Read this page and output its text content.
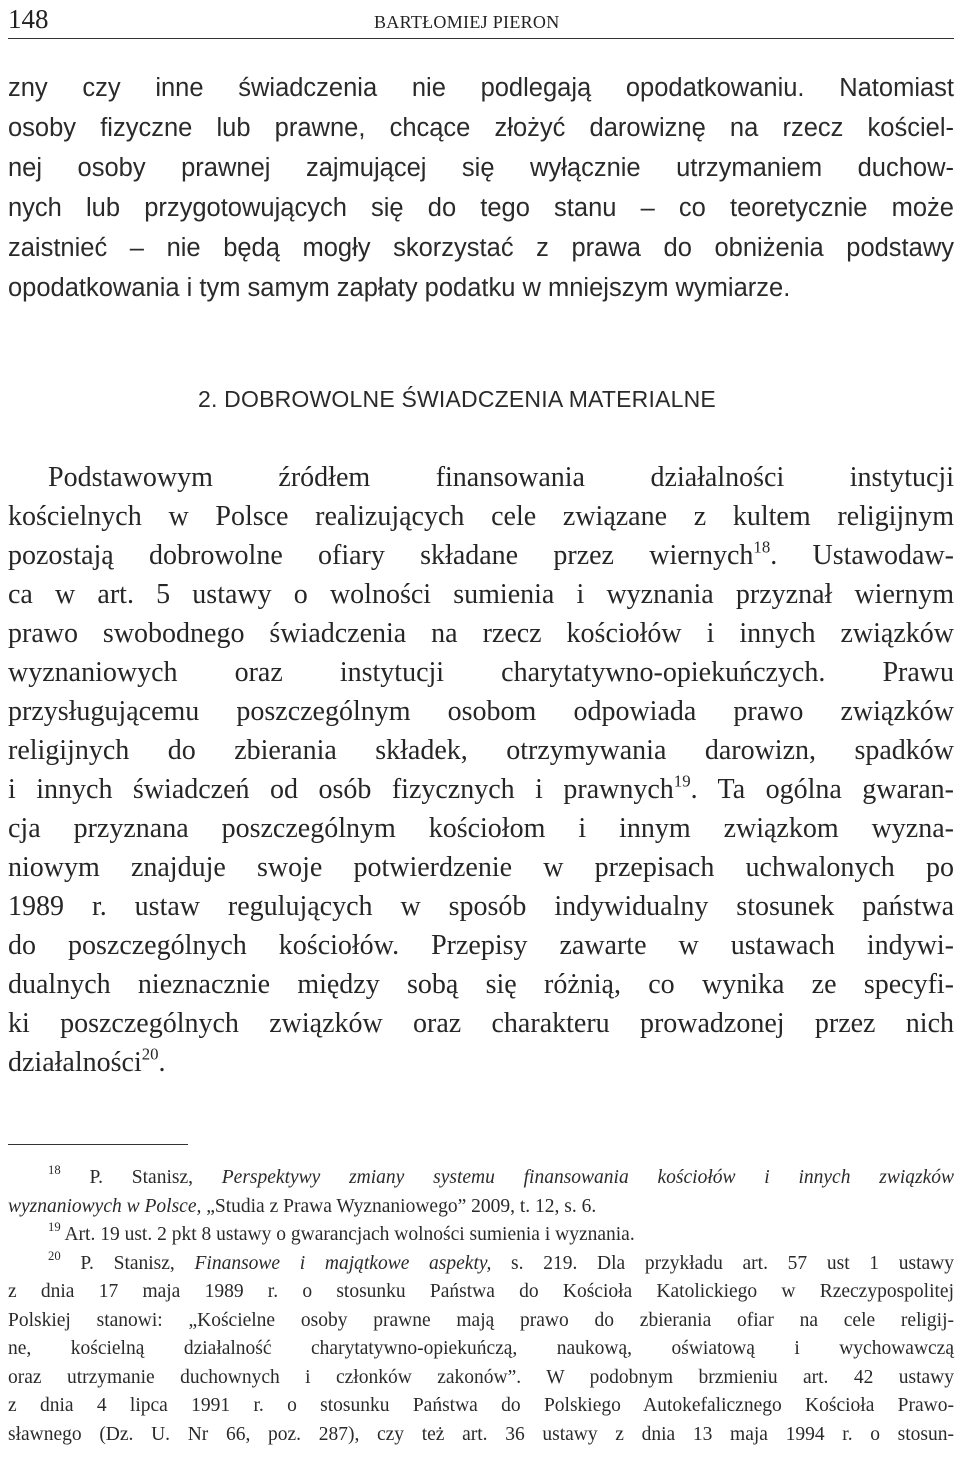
148	BARTŁOMIEJ PIERON
zny czy inne świadczenia nie podlegają opodatkowaniu. Natomiast
osoby fizyczne lub prawne, chcące złożyć darowiznę na rzecz kościel-
nej osoby prawnej zajmującej się wyłącznie utrzymaniem duchow-
nych lub przygotowujących się do tego stanu – co teoretycznie może
zaistnieć – nie będą mogły skorzystać z prawa do obniżenia podstawy
opodatkowania i tym samym zapłaty podatku w mniejszym wymiarze.
2. DOBROWOLNE ŚWIADCZENIA MATERIALNE
Podstawowym źródłem finansowania działalności instytucji
kościelnych w Polsce realizujących cele związane z kultem religijnym
pozostają dobrowolne ofiary składane przez wiernych$^{18}$. Ustawodaw-
ca w art. 5 ustawy o wolności sumienia i wyznania przyznał wiernym
prawo swobodnego świadczenia na rzecz kościołów i innych związków
wyznaniowych oraz instytucji charytatywno-opiekuńczych. Prawu
przysługującemu poszczególnym osobom odpowiada prawo związków
religijnych do zbierania składek, otrzymywania darowizn, spadków
i innych świadczeń od osób fizycznych i prawnych$^{19}$. Ta ogólna gwaran-
cja przyznana poszczególnym kościołom i innym związkom wyzna-
niowym znajduje swoje potwierdzenie w przepisach uchwalonych po
1989 r. ustaw regulujących w sposób indywidualny stosunek państwa
do poszczególnych kościołów. Przepisy zawarte w ustawach indywi-
dualnych nieznacznie między sobą się różnią, co wynika ze specyfi-
ki poszczególnych związków oraz charakteru prowadzonej przez nich
działalności$^{20}$.
$^{18}$ P. Stanisz, Perspektywy zmiany systemu finansowania kościołów i innych związków
wyznaniowych w Polsce, „Studia z Prawa Wyznaniowego” 2009, t. 12, s. 6.
$^{19}$ Art. 19 ust. 2 pkt 8 ustawy o gwarancjach wolności sumienia i wyznania.
$^{20}$ P. Stanisz, Finansowe i majątkowe aspekty, s. 219. Dla przykładu art. 57 ust 1 ustawy
z dnia 17 maja 1989 r. o stosunku Państwa do Kościoła Katolickiego w Rzeczypospolitej
Polskiej stanowi: „Kościelne osoby prawne mają prawo do zbierania ofiar na cele religij-
ne, kościelną działalność charytatywno-opiekuńczą, naukową, oświatową i wychowawczą
oraz utrzymanie duchownych i członków zakonów”. W podobnym brzmieniu art. 42 ustawy
z dnia 4 lipca 1991 r. o stosunku Państwa do Polskiego Autokefalicznego Kościoła Prawo-
sławnego (Dz. U. Nr 66, poz. 287), czy też art. 36 ustawy z dnia 13 maja 1994 r. o stosun-
